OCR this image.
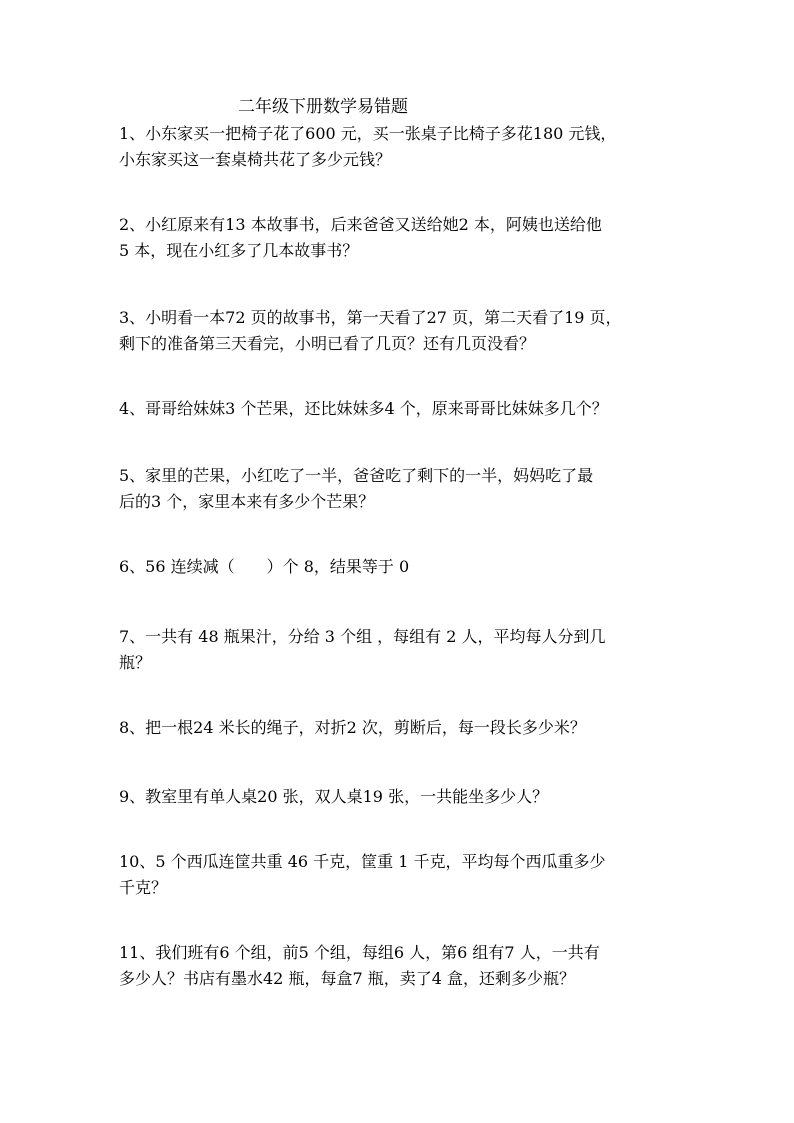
二年级下册数学易错题
1、小东家买一把椅子花了600 元，买一张桌子比椅子多花180 元钱，
小东家买这一套桌椅共花了多少元钱？
2、小红原来有13 本故事书，后来爸爸又送给她2 本，阿姨也送给他
5 本，现在小红多了几本故事书？
3、小明看一本72 页的故事书，第一天看了27 页，第二天看了19 页，
剩下的准备第三天看完，小明已看了几页？还有几页没看？
4、哥哥给妹妹3 个芒果，还比妹妹多4 个，原来哥哥比妹妹多几个？
5、家里的芒果，小红吃了一半，爸爸吃了剩下的一半，妈妈吃了最
后的3 个，家里本来有多少个芒果？
6、56 连续减（　　）个 8，结果等于 0
7、一共有 48 瓶果汁，分给 3 个组 ，每组有 2 人，平均每人分到几
瓶？
8、把一根24 米长的绳子，对折2 次，剪断后，每一段长多少米？
9、教室里有单人桌20 张，双人桌19 张，一共能坐多少人？
10、5 个西瓜连筐共重 46 千克，筐重 1 千克，平均每个西瓜重多少
千克？
11、我们班有6 个组，前5 个组，每组6 人，第6 组有7 人，一共有
多少人？书店有墨水42 瓶，每盒7 瓶，卖了4 盒，还剩多少瓶？
